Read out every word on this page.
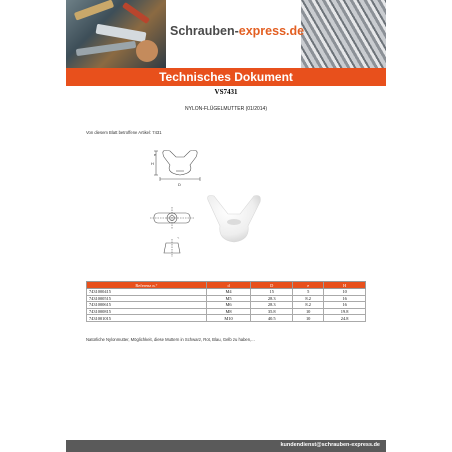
Schrauben-express.de
Technisches Dokument
VS7431
NYLON-FLÜGELMUTTER (01/2014)
Von diesem Blatt betroffene Artikel: 7431
D
H
e
s
Referenz n.°	d	D	e	H
7431000415	M4	15	5	10
7431000515	M5	28.3	8.2	16
7431000615	M6	28.3	8.2	16
7431000815	M8	35.8	10	19.8
7431001015	M10	40.5	10	24.8
Natürliche Nylonmutter, Möglichkeit, diese Muttern in Schwarz, Rot, Blau, Gelb zu haben,...
kundendienst@schrauben-express.de
